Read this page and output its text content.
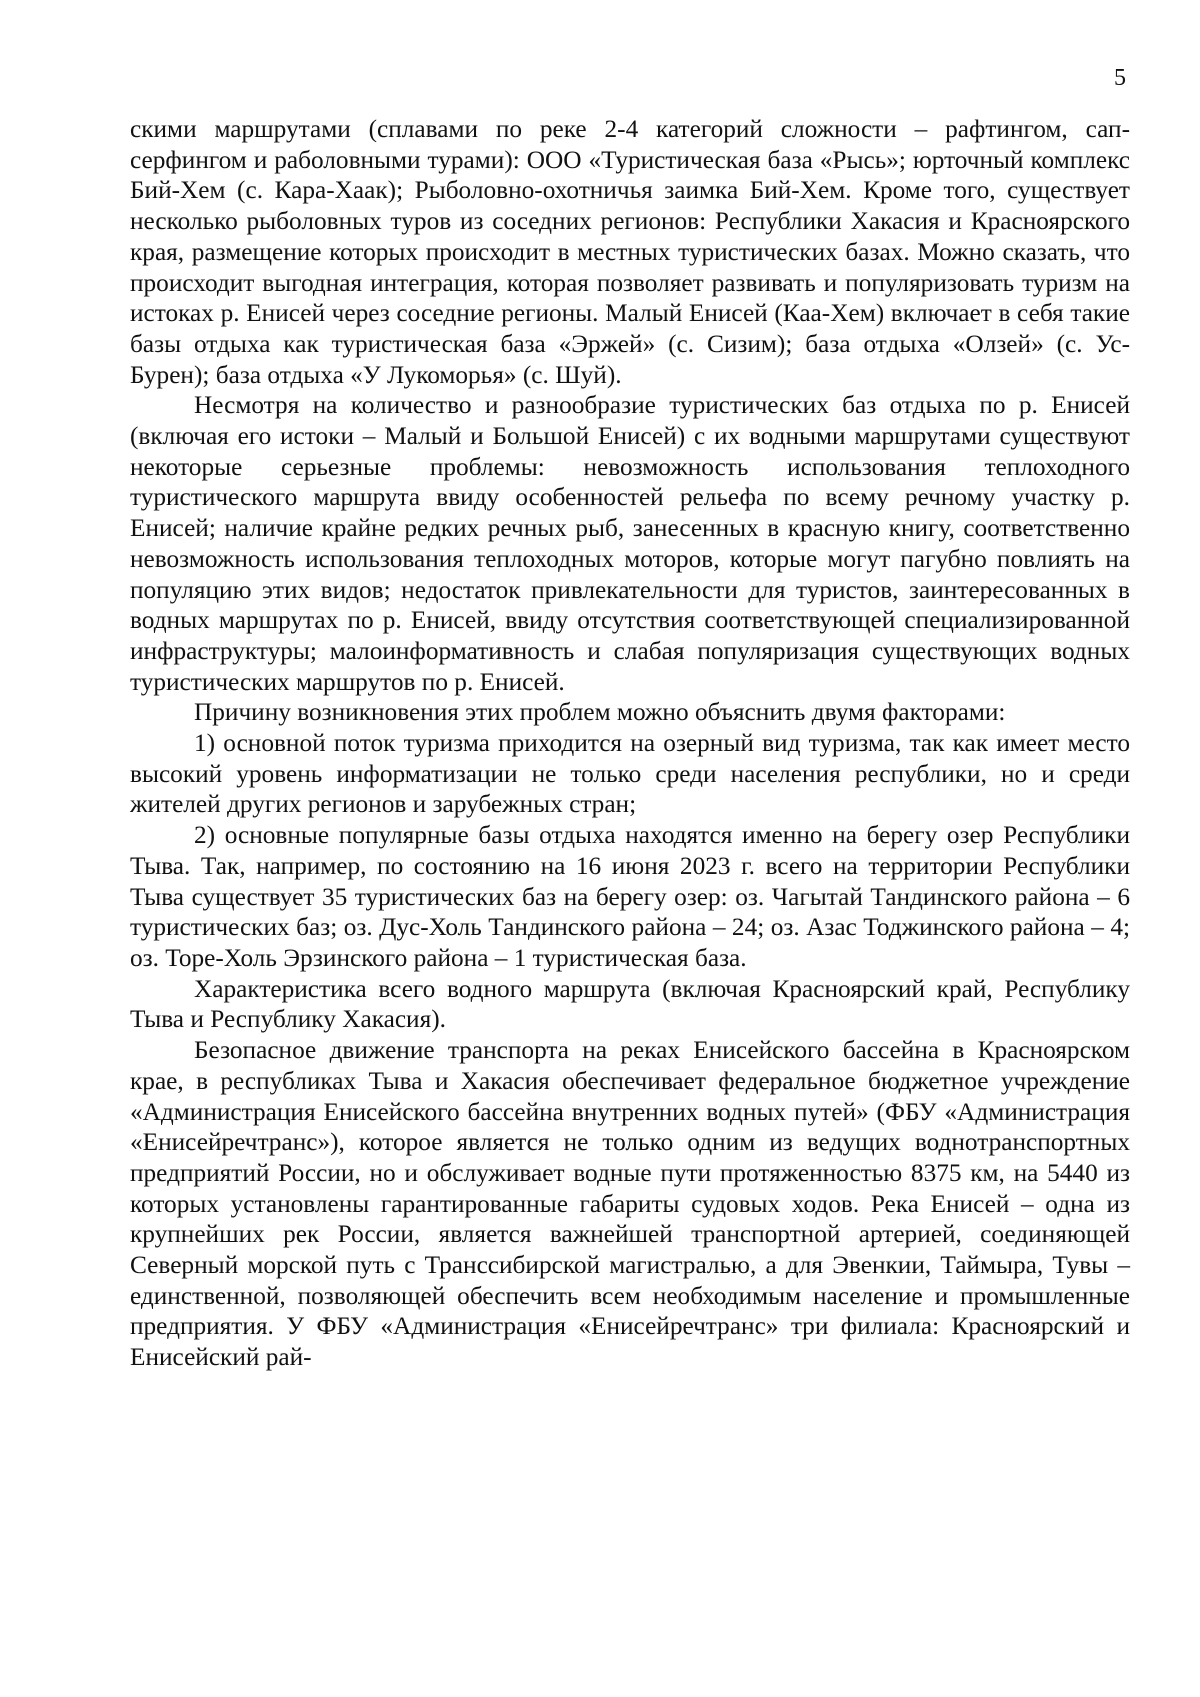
5

скими маршрутами (сплавами по реке 2-4 категорий сложности – рафтингом, сап-серфингом и раболовными турами): ООО «Туристическая база «Рысь»; юрточный комплекс Бий-Хем (с. Кара-Хаак); Рыболовно-охотничья заимка Бий-Хем. Кроме того, существует несколько рыболовных туров из соседних регионов: Республики Хакасия и Красноярского края, размещение которых происходит в местных туристических базах. Можно сказать, что происходит выгодная интеграция, которая позволяет развивать и популяризовать туризм на истоках р. Енисей через соседние регионы. Малый Енисей (Каа-Хем) включает в себя такие базы отдыха как туристическая база «Эржей» (с. Сизим); база отдыха «Олзей» (с. Ус-Бурен); база отдыха «У Лукоморья» (с. Шуй).

Несмотря на количество и разнообразие туристических баз отдыха по р. Енисей (включая его истоки – Малый и Большой Енисей) с их водными маршрутами существуют некоторые серьезные проблемы: невозможность использования теплоходного туристического маршрута ввиду особенностей рельефа по всему речному участку р. Енисей; наличие крайне редких речных рыб, занесенных в красную книгу, соответственно невозможность использования теплоходных моторов, которые могут пагубно повлиять на популяцию этих видов; недостаток привлекательности для туристов, заинтересованных в водных маршрутах по р. Енисей, ввиду отсутствия соответствующей специализированной инфраструктуры; малоинформативность и слабая популяризация существующих водных туристических маршрутов по р. Енисей.

Причину возникновения этих проблем можно объяснить двумя факторами:

1) основной поток туризма приходится на озерный вид туризма, так как имеет место высокий уровень информатизации не только среди населения республики, но и среди жителей других регионов и зарубежных стран;

2) основные популярные базы отдыха находятся именно на берегу озер Республики Тыва. Так, например, по состоянию на 16 июня 2023 г. всего на территории Республики Тыва существует 35 туристических баз на берегу озер: оз. Чагытай Тандинского района – 6 туристических баз; оз. Дус-Холь Тандинского района – 24; оз. Азас Тоджинского района – 4; оз. Торе-Холь Эрзинского района – 1 туристическая база.

Характеристика всего водного маршрута (включая Красноярский край, Республику Тыва и Республику Хакасия).

Безопасное движение транспорта на реках Енисейского бассейна в Красноярском крае, в республиках Тыва и Хакасия обеспечивает федеральное бюджетное учреждение «Администрация Енисейского бассейна внутренних водных путей» (ФБУ «Администрация «Енисейречтранс»), которое является не только одним из ведущих воднотранспортных предприятий России, но и обслуживает водные пути протяженностью 8375 км, на 5440 из которых установлены гарантированные габариты судовых ходов. Река Енисей – одна из крупнейших рек России, является важнейшей транспортной артерией, соединяющей Северный морской путь с Транссибирской магистралью, а для Эвенкии, Таймыра, Тувы – единственной, позволяющей обеспечить всем необходимым население и промышленные предприятия. У ФБУ «Администрация «Енисейречтранс» три филиала: Красноярский и Енисейский рай-
